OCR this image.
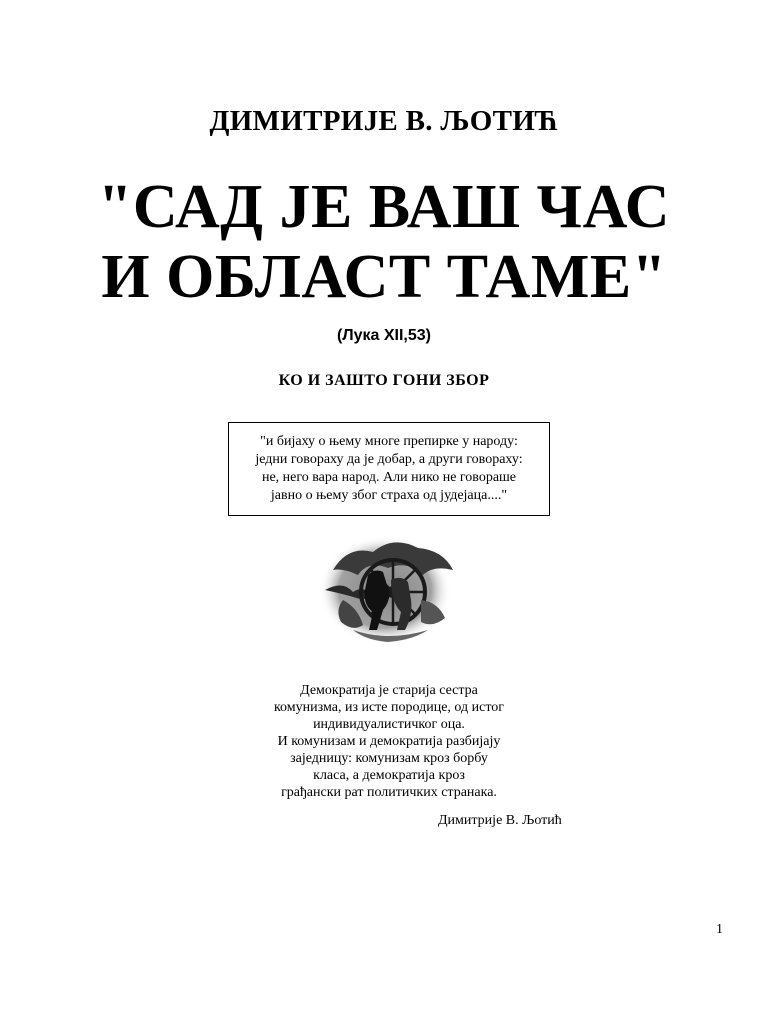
ДИМИТРИЈЕ В. ЉОТИЋ
"САД ЈЕ ВАШ ЧАС
И ОБЛАСТ ТАМЕ"
(Лука XII,53)
КО И ЗАШТО ГОНИ ЗБОР
"и бијаху о њему многе препирке у народу:
једни говораху да је добар, а други говораху:
не, него вара народ. Али нико не говораше
јавно о њему због страха од јудејаца...."
Демократија је старија сестра
комунизма, из исте породице, од истог
индивидуалистичког оца.
И комунизам и демократија разбијају
заједницу: комунизам кроз борбу
класа, а демократија кроз
грађански рат политичких странака.
Димитрије В. Љотић
1
